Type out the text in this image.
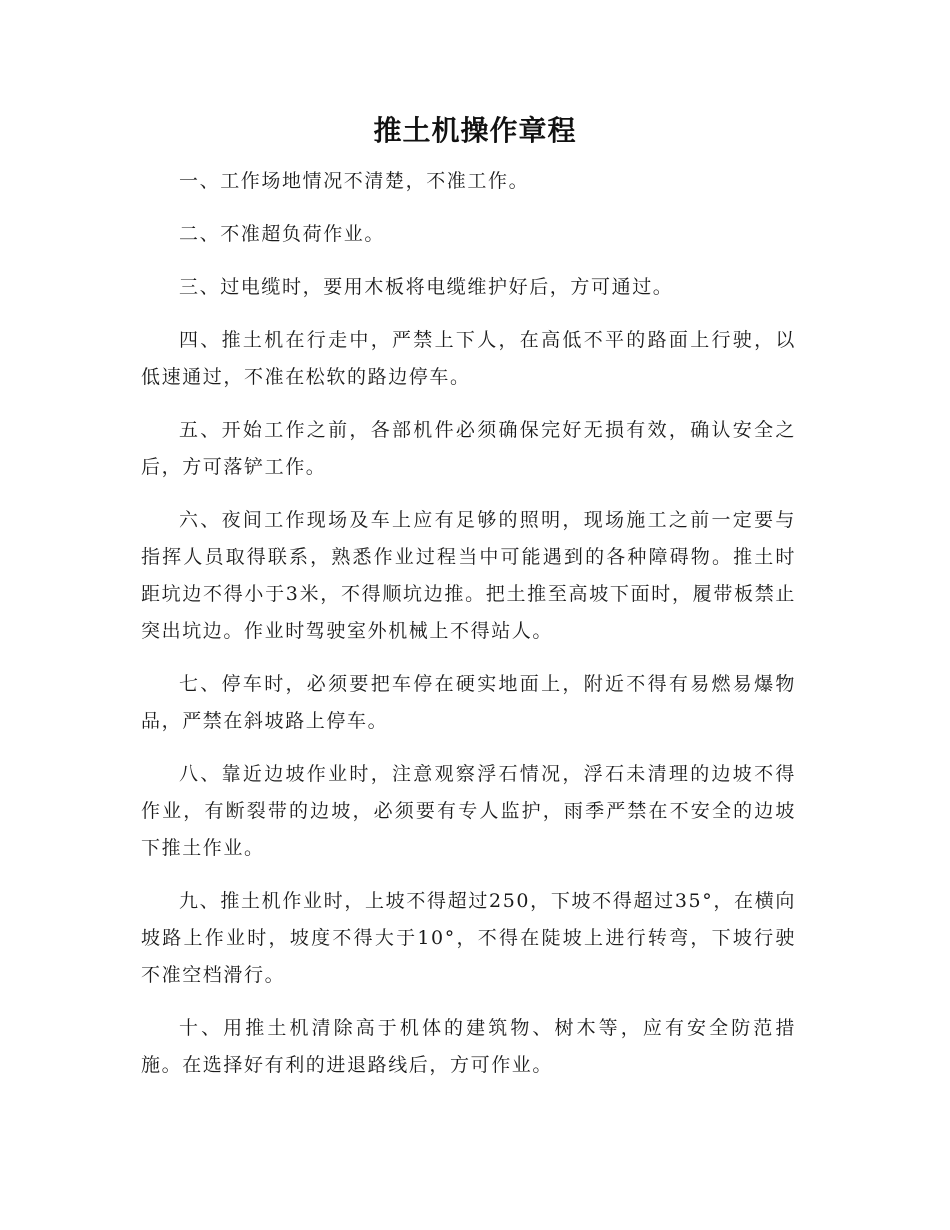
推土机操作章程

一、工作场地情况不清楚，不准工作。

二、不准超负荷作业。

三、过电缆时，要用木板将电缆维护好后，方可通过。

四、推土机在行走中，严禁上下人，在高低不平的路面上行驶，以低速通过，不准在松软的路边停车。

五、开始工作之前，各部机件必须确保完好无损有效，确认安全之后，方可落铲工作。

六、夜间工作现场及车上应有足够的照明，现场施工之前一定要与指挥人员取得联系，熟悉作业过程当中可能遇到的各种障碍物。推土时距坑边不得小于3米，不得顺坑边推。把土推至高坡下面时，履带板禁止突出坑边。作业时驾驶室外机械上不得站人。

七、停车时，必须要把车停在硬实地面上，附近不得有易燃易爆物品，严禁在斜坡路上停车。

八、靠近边坡作业时，注意观察浮石情况，浮石未清理的边坡不得作业，有断裂带的边坡，必须要有专人监护，雨季严禁在不安全的边坡下推土作业。

九、推土机作业时，上坡不得超过250，下坡不得超过35°，在横向坡路上作业时，坡度不得大于10°，不得在陡坡上进行转弯，下坡行驶不准空档滑行。

十、用推土机清除高于机体的建筑物、树木等，应有安全防范措施。在选择好有利的进退路线后，方可作业。
